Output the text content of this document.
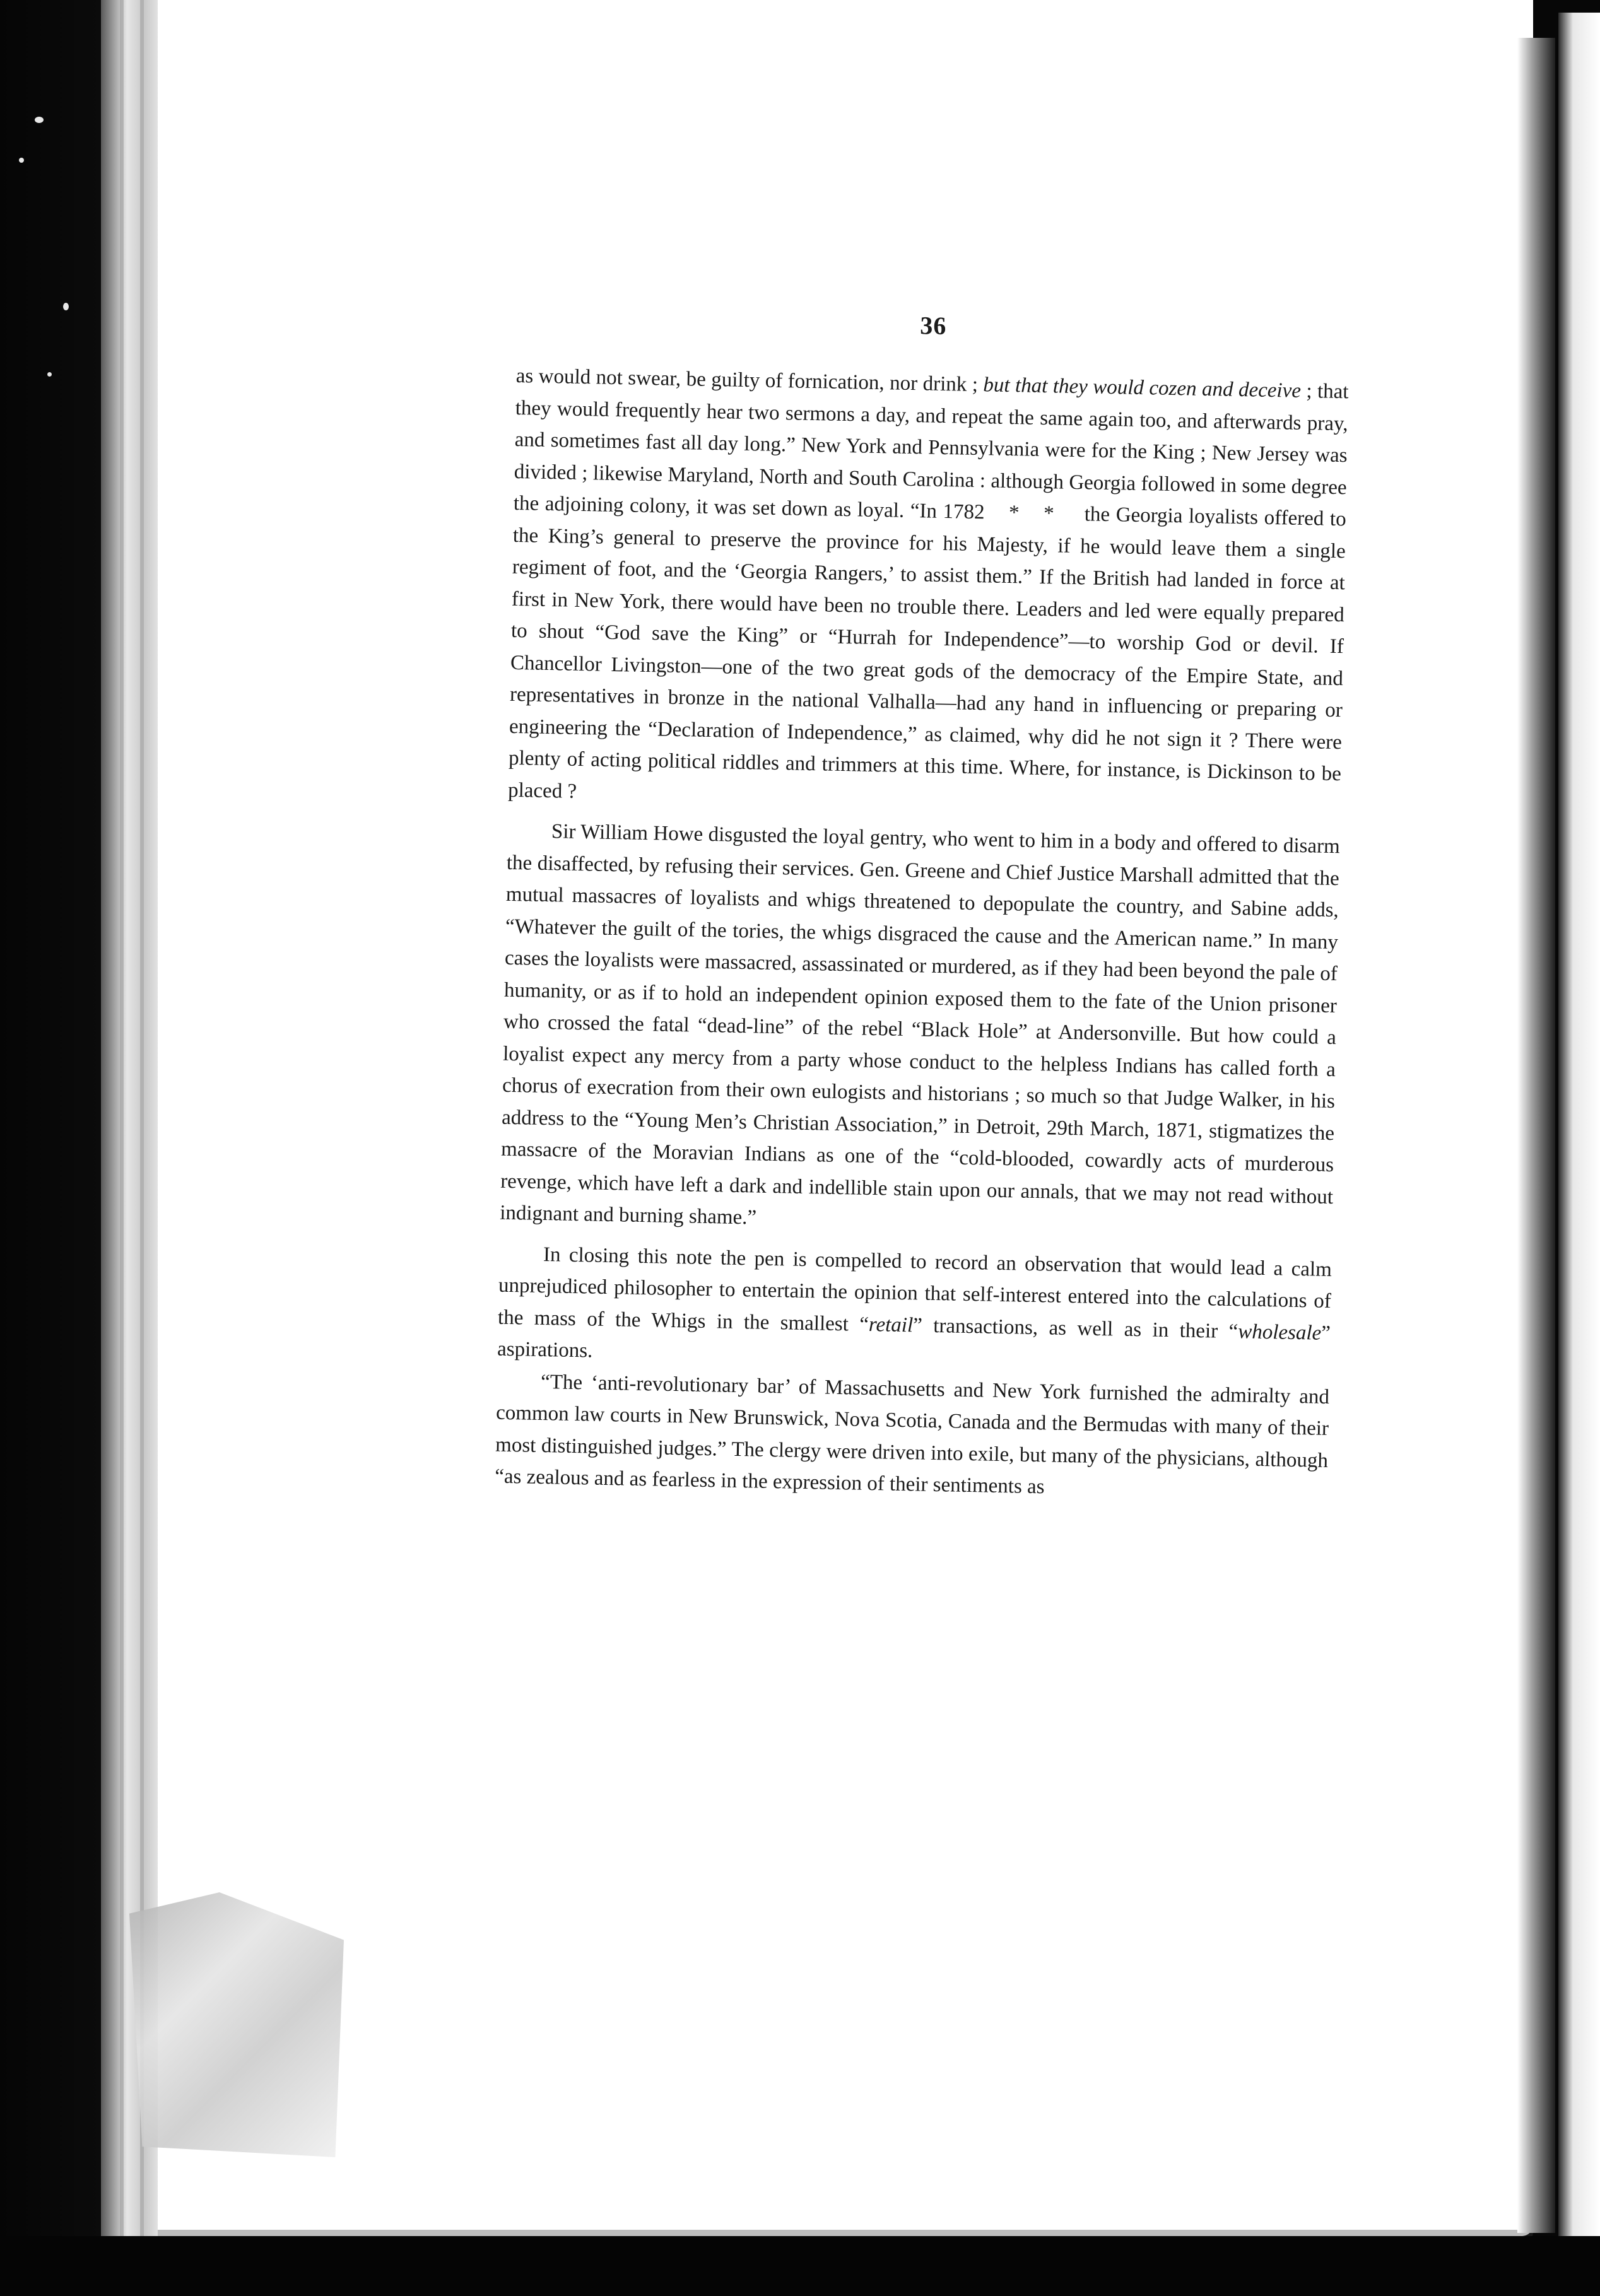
36

as would not swear, be guilty of fornication, nor drink ; but that they would cozen and deceive ; that they would frequently hear two sermons a day, and repeat the same again too, and afterwards pray, and sometimes fast all day long.” New York and Pennsylvania were for the King ; New Jersey was divided ; likewise Maryland, North and South Carolina : although Georgia followed in some degree the adjoining colony, it was set down as loyal. “In 1782    *    *     the Georgia loyalists offered to the King’s general to preserve the province for his Majesty, if he would leave them a single regiment of foot, and the ‘Georgia Rangers,’ to assist them.” If the British had landed in force at first in New York, there would have been no trouble there. Leaders and led were equally prepared to shout “God save the King” or “Hurrah for Independence”—to worship God or devil. If Chancellor Livingston—one of the two great gods of the democracy of the Empire State, and representatives in bronze in the national Valhalla—had any hand in influencing or preparing or engineering the “Declaration of Independence,” as claimed, why did he not sign it ? There were plenty of acting political riddles and trimmers at this time. Where, for instance, is Dickinson to be placed ?

Sir William Howe disgusted the loyal gentry, who went to him in a body and offered to disarm the disaffected, by refusing their services. Gen. Greene and Chief Justice Marshall admitted that the mutual massacres of loyalists and whigs threatened to depopulate the country, and Sabine adds, “Whatever the guilt of the tories, the whigs disgraced the cause and the American name.” In many cases the loyalists were massacred, assassinated or murdered, as if they had been beyond the pale of humanity, or as if to hold an independent opinion exposed them to the fate of the Union prisoner who crossed the fatal “dead-line” of the rebel “Black Hole” at Andersonville. But how could a loyalist expect any mercy from a party whose conduct to the helpless Indians has called forth a chorus of execration from their own eulogists and historians ; so much so that Judge Walker, in his address to the “Young Men’s Christian Association,” in Detroit, 29th March, 1871, stigmatizes the massacre of the Moravian Indians as one of the “cold-blooded, cowardly acts of murderous revenge, which have left a dark and indellible stain upon our annals, that we may not read without indignant and burning shame.”

In closing this note the pen is compelled to record an observation that would lead a calm unprejudiced philosopher to entertain the opinion that self-interest entered into the calculations of the mass of the Whigs in the smallest “retail” transactions, as well as in their “wholesale” aspirations.

“The ‘anti-revolutionary bar’ of Massachusetts and New York furnished the admiralty and common law courts in New Brunswick, Nova Scotia, Canada and the Bermudas with many of their most distinguished judges.” The clergy were driven into exile, but many of the physicians, although “as zealous and as fearless in the expression of their sentiments as
